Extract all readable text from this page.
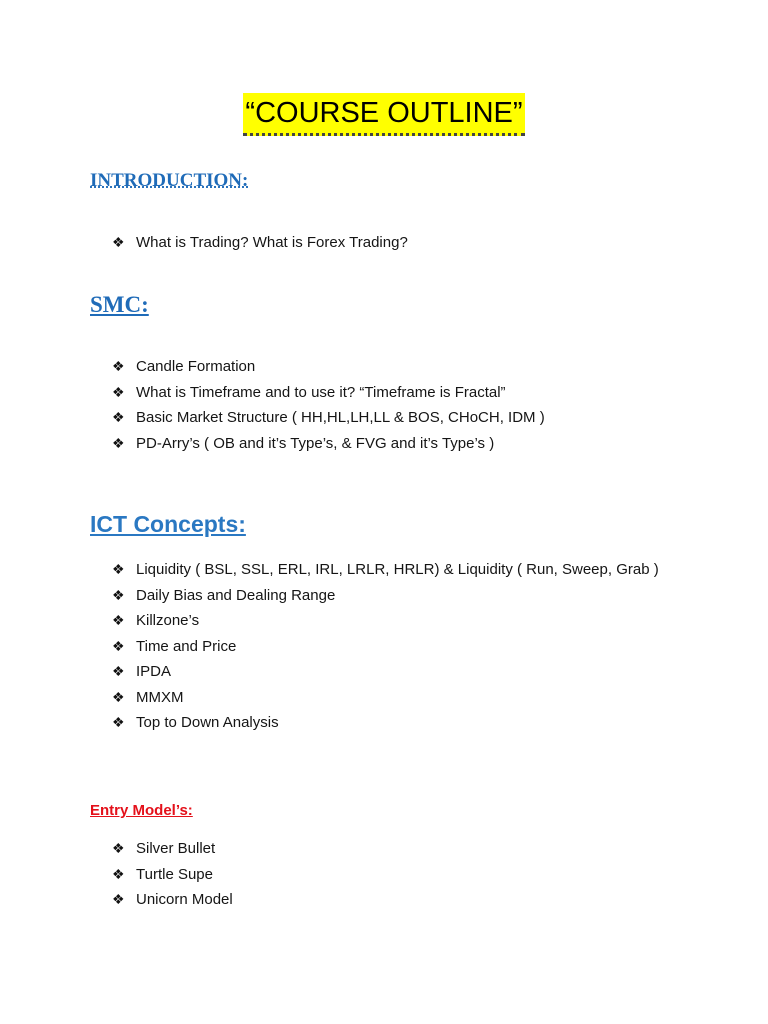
“COURSE OUTLINE”
INTRODUCTION:
❖ What is Trading? What is Forex Trading?
SMC:
❖ Candle Formation
❖ What is Timeframe and to use it? “Timeframe is Fractal”
❖ Basic Market Structure ( HH,HL,LH,LL & BOS, CHoCH, IDM )
❖ PD-Arry’s ( OB and it’s Type’s, & FVG and it’s Type’s )
ICT Concepts:
❖ Liquidity ( BSL, SSL, ERL, IRL, LRLR, HRLR) & Liquidity ( Run, Sweep, Grab )
❖ Daily Bias and Dealing Range
❖ Killzone’s
❖ Time and Price
❖ IPDA
❖ MMXM
❖ Top to Down Analysis
Entry Model’s:
❖ Silver Bullet
❖ Turtle Supe
❖ Unicorn Model
